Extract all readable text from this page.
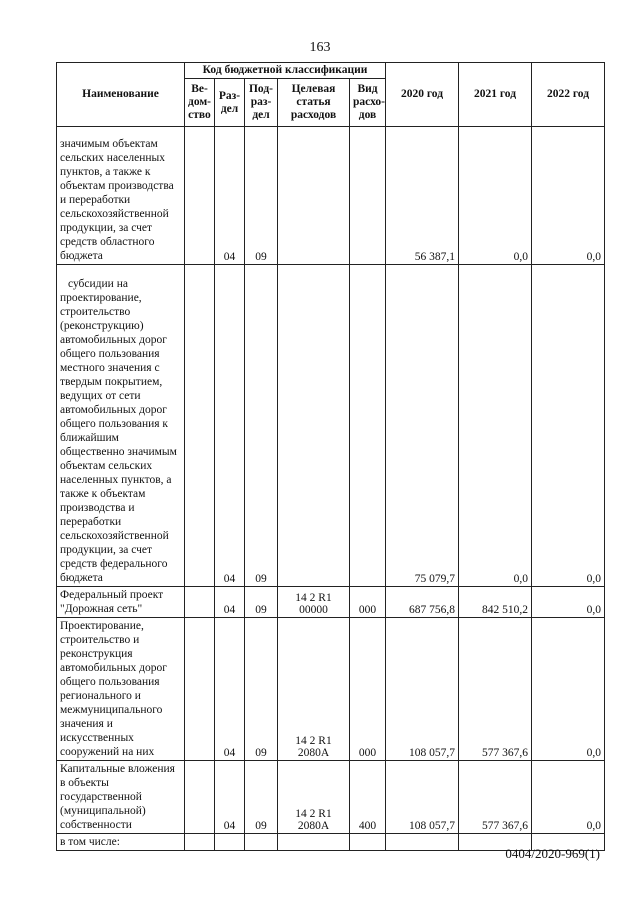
163
Наименование	Код бюджетной классификации					2020 год	2021 год	2022 год
	Ве-дом-ство	Раз-дел	Под-раз-дел	Целевая статья расходов	Вид расхо-дов			
значимым объектам сельских населенных пунктов, а также к объектам производства и переработки сельскохозяйственной продукции, за счет средств областного бюджета		04	09			56 387,1	0,0	0,0
субсидии на проектирование, строительство (реконструкцию) автомобильных дорог общего пользования местного значения с твердым покрытием, ведущих от сети автомобильных дорог общего пользования к ближайшим общественно значимым объектам сельских населенных пунктов, а также к объектам производства и переработки сельскохозяйственной продукции, за счет средств федерального бюджета		04	09			75 079,7	0,0	0,0
Федеральный проект "Дорожная сеть"		04	09	14 2 R1 00000	000	687 756,8	842 510,2	0,0
Проектирование, строительство и реконструкция автомобильных дорог общего пользования регионального и межмуниципального значения и искусственных сооружений на них		04	09	14 2 R1 2080A	000	108 057,7	577 367,6	0,0
Капитальные вложения в объекты государственной (муниципальной) собственности		04	09	14 2 R1 2080A	400	108 057,7	577 367,6	0,0
в том числе:								
0404/2020-969(1)
